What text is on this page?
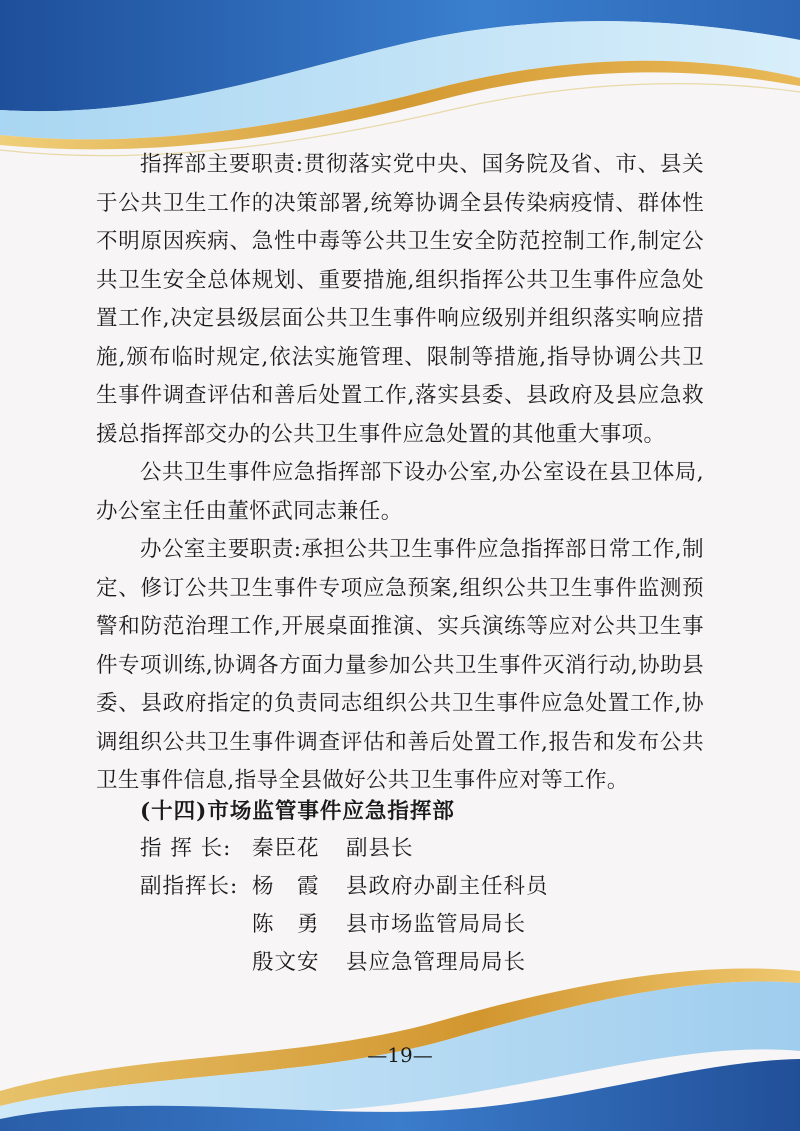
指挥部主要职责:贯彻落实党中央、国务院及省、市、县关于公共卫生工作的决策部署,统筹协调全县传染病疫情、群体性不明原因疾病、急性中毒等公共卫生安全防范控制工作,制定公共卫生安全总体规划、重要措施,组织指挥公共卫生事件应急处置工作,决定县级层面公共卫生事件响应级别并组织落实响应措施,颁布临时规定,依法实施管理、限制等措施,指导协调公共卫生事件调查评估和善后处置工作,落实县委、县政府及县应急救援总指挥部交办的公共卫生事件应急处置的其他重大事项。

公共卫生事件应急指挥部下设办公室,办公室设在县卫体局, 办公室主任由董怀武同志兼任。

办公室主要职责:承担公共卫生事件应急指挥部日常工作,制定、修订公共卫生事件专项应急预案,组织公共卫生事件监测预警和防范治理工作,开展桌面推演、实兵演练等应对公共卫生事件专项训练,协调各方面力量参加公共卫生事件灭消行动,协助县委、县政府指定的负责同志组织公共卫生事件应急处置工作,协调组织公共卫生事件调查评估和善后处置工作,报告和发布公共卫生事件信息,指导全县做好公共卫生事件应对等工作。

(十四)市场监管事件应急指挥部
指 挥 长: 秦臣花 副县长
副指挥长: 杨　霞 县政府办副主任科员
陈　勇 县市场监管局局长
殷文安 县应急管理局局长
—19—
